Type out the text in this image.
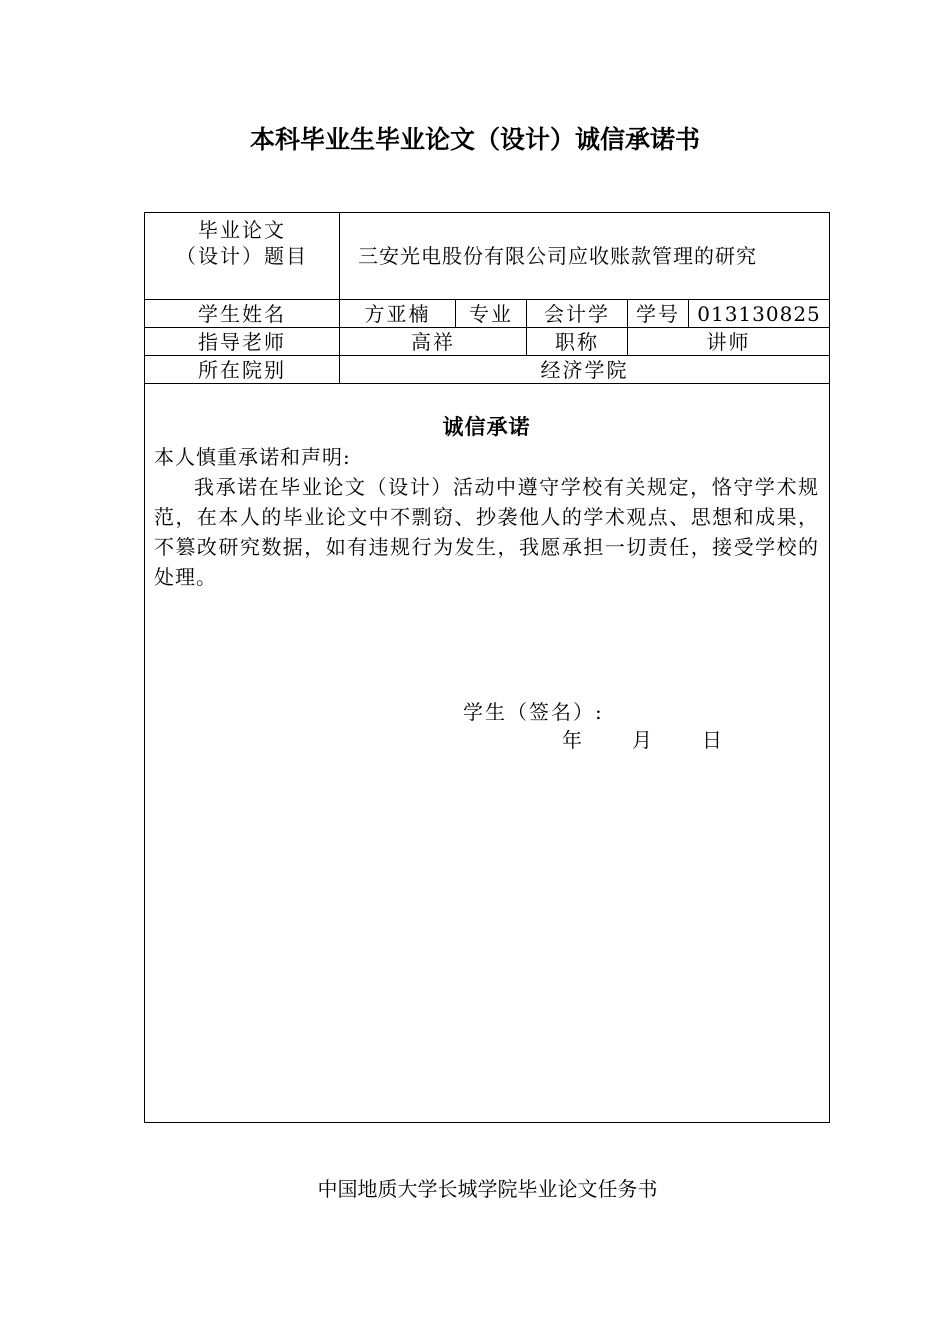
本科毕业生毕业论文（设计）诚信承诺书
毕业论文
（设计）题目	三安光电股份有限公司应收账款管理的研究				
学生姓名	方亚楠	专业	会计学	学号	013130825
指导老师	高祥		职称	讲师	
所在院别	经济学院				

诚信承诺
本人慎重承诺和声明:
我承诺在毕业论文（设计）活动中遵守学校有关规定，恪守学术规范，在本人的毕业论文中不剽窃、抄袭他人的学术观点、思想和成果，不篡改研究数据，如有违规行为发生，我愿承担一切责任，接受学校的处理。
学生（签名）:
年 月 日					
中国地质大学长城学院毕业论文任务书
